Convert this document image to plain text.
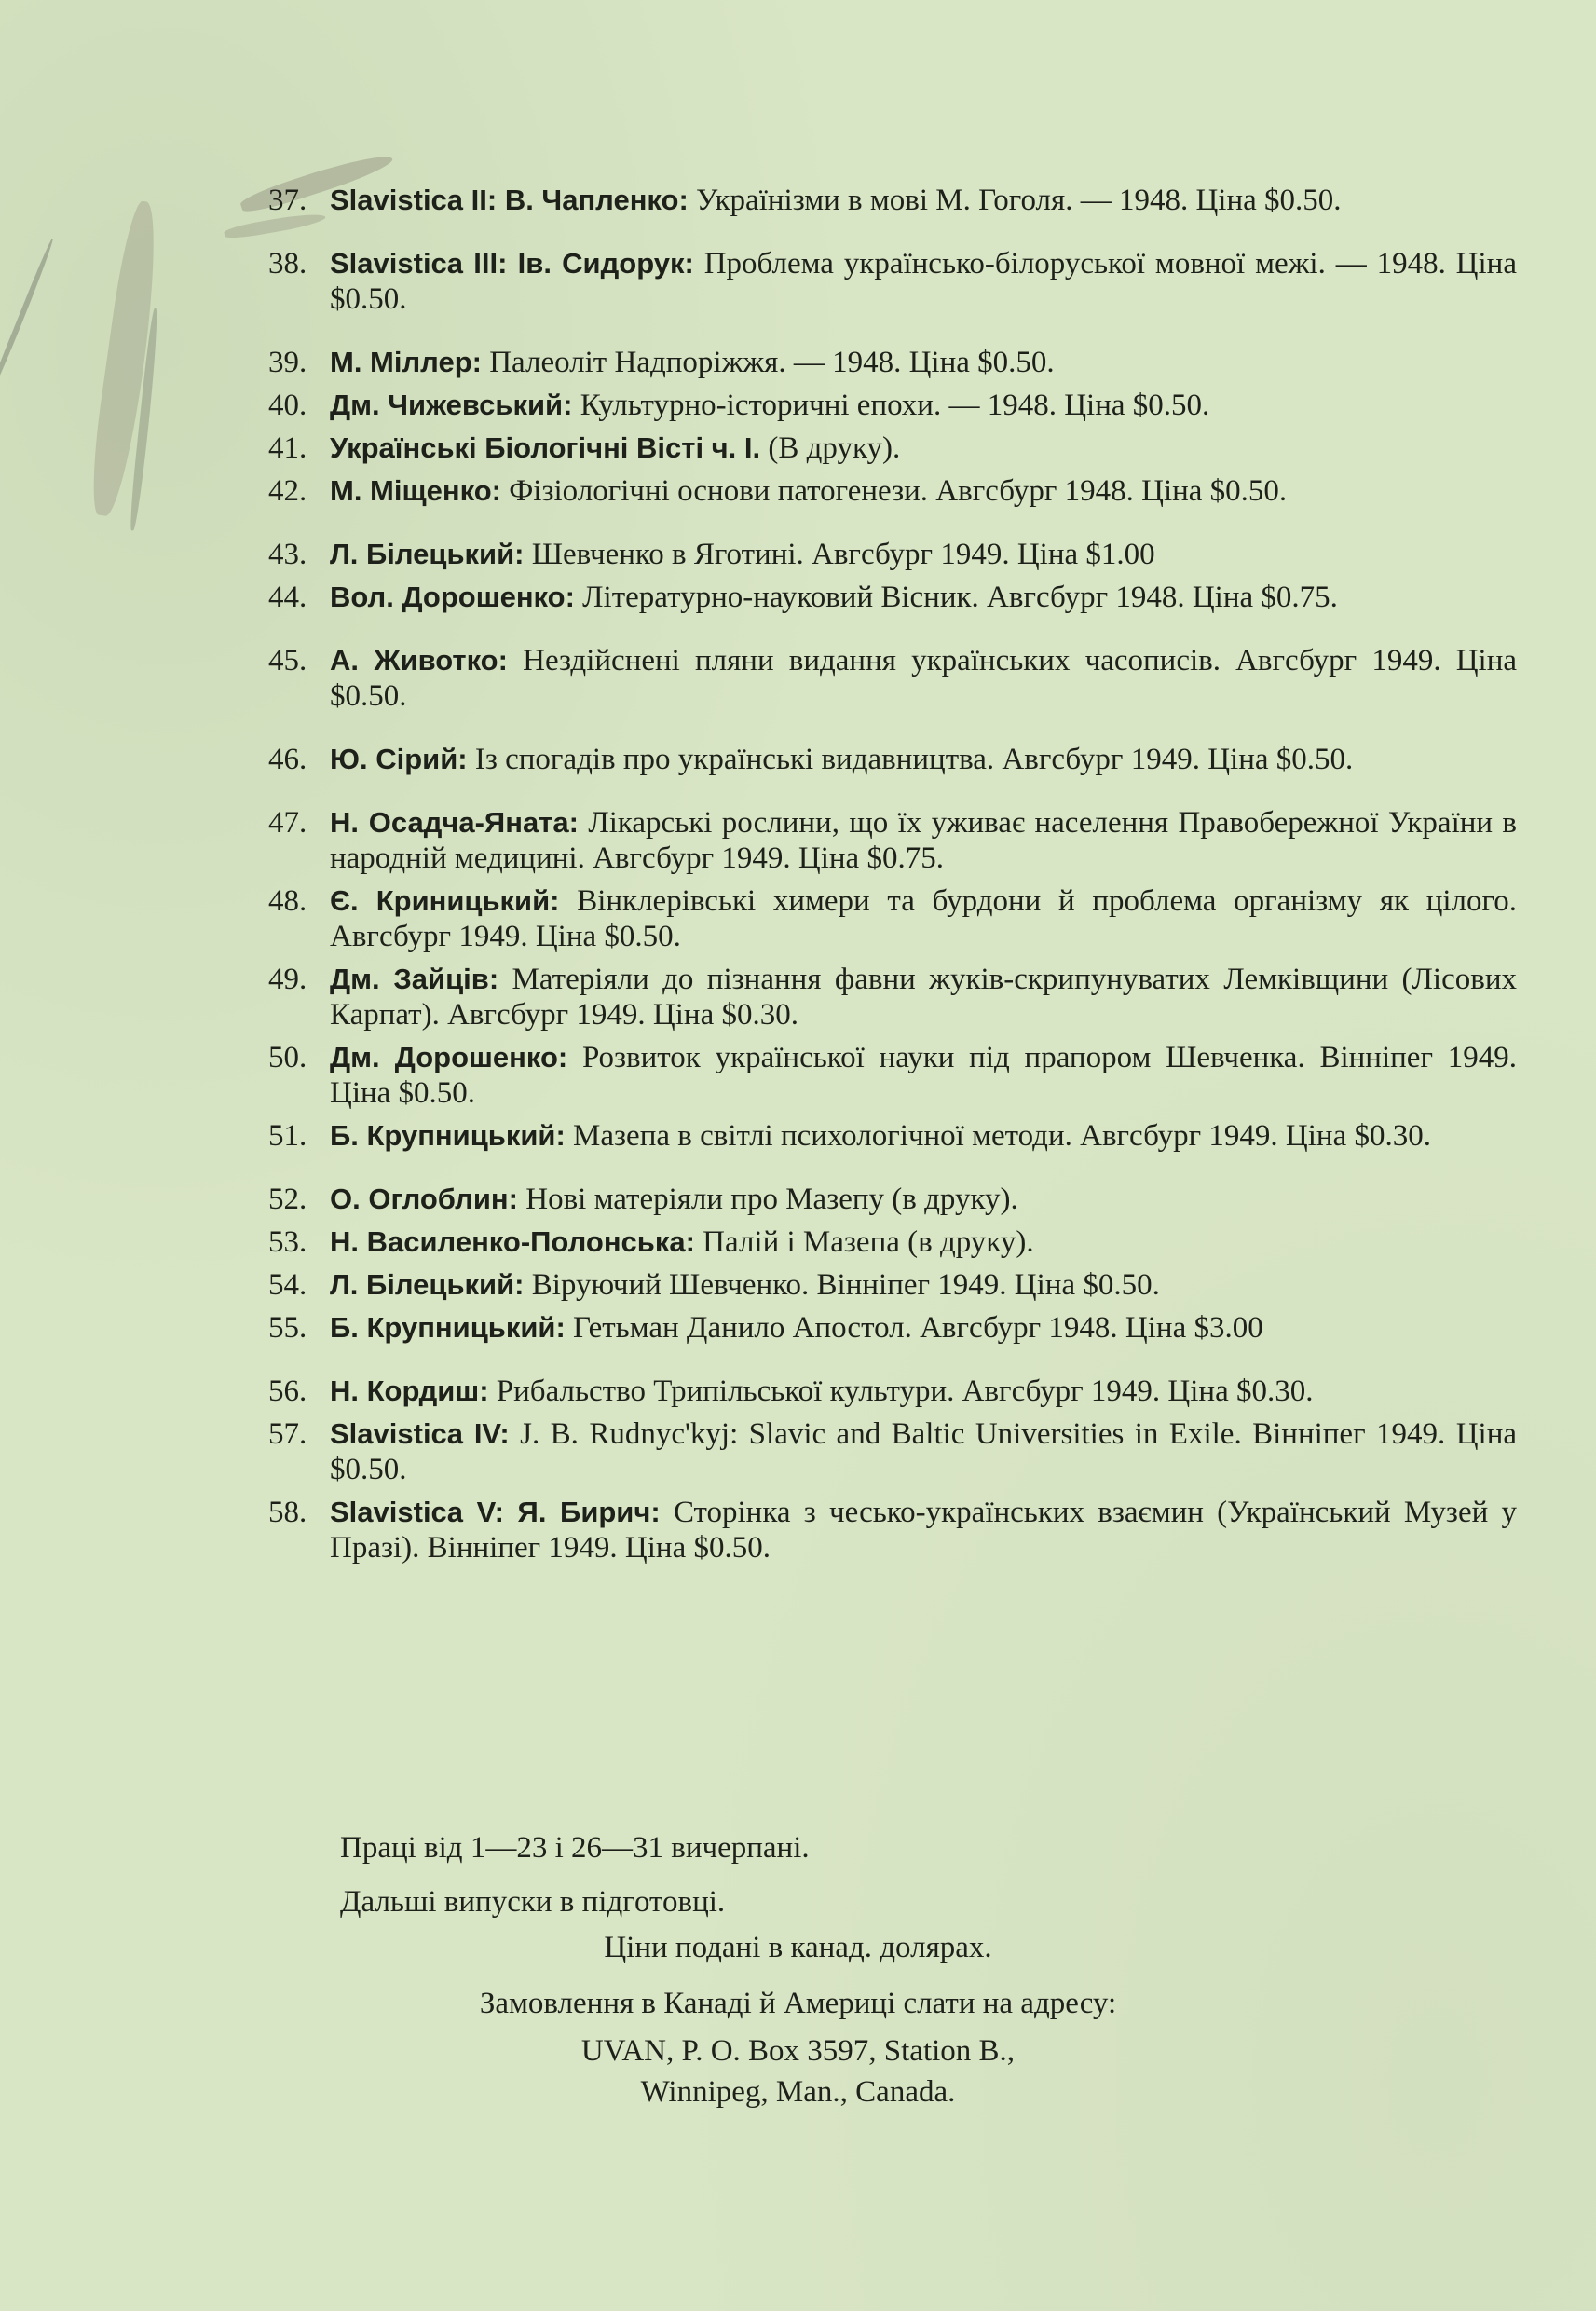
37. Slavistica II: В. Чапленко: Українізми в мові М. Гоголя. — 1948. Ціна $0.50.
38. Slavistica III: Ів. Сидорук: Проблема українсько-білоруської мовної межі. — 1948. Ціна $0.50.
39. М. Міллер: Палеоліт Надпоріжжя. — 1948. Ціна $0.50.
40. Дм. Чижевський: Культурно-історичні епохи. — 1948. Ціна $0.50.
41. Українські Біологічні Вісті ч. І. (В друку).
42. М. Міщенко: Фізіологічні основи патогенези. Авгсбург 1948. Ціна $0.50.
43. Л. Білецький: Шевченко в Яготині. Авгсбург 1949. Ціна $1.00
44. Вол. Дорошенко: Літературно-науковий Вісник. Авгсбург 1948. Ціна $0.75.
45. А. Животко: Нездійснені пляни видання українських часописів. Авгсбург 1949. Ціна $0.50.
46. Ю. Сірий: Із спогадів про українські видавництва. Авгсбург 1949. Ціна $0.50.
47. Н. Осадча-Яната: Лікарські рослини, що їх уживає населення Правобережної України в народній медицині. Авгсбург 1949. Ціна $0.75.
48. Є. Криницький: Вінклерівські химери та бурдони й проблема організму як цілого. Авгсбург 1949. Ціна $0.50.
49. Дм. Зайців: Матеріяли до пізнання фавни жуків-скрипунуватих Лемківщини (Лісових Карпат). Авгсбург 1949. Ціна $0.30.
50. Дм. Дорошенко: Розвиток української науки під прапором Шевченка. Вінніпег 1949. Ціна $0.50.
51. Б. Крупницький: Мазепа в світлі психологічної методи. Авгсбург 1949. Ціна $0.30.
52. О. Оглоблин: Нові матеріяли про Мазепу (в друку).
53. Н. Василенко-Полонська: Палій і Мазепа (в друку).
54. Л. Білецький: Віруючий Шевченко. Вінніпег 1949. Ціна $0.50.
55. Б. Крупницький: Гетьман Данило Апостол. Авгсбург 1948. Ціна $3.00
56. Н. Кордиш: Рибальство Трипільської культури. Авгсбург 1949. Ціна $0.30.
57. Slavistica IV: J. B. Rudnyc'kyj: Slavic and Baltic Universities in Exile. Вінніпег 1949. Ціна $0.50.
58. Slavistica V: Я. Бирич: Сторінка з чесько-українських взаємин (Український Музей у Празі). Вінніпег 1949. Ціна $0.50.
Праці від 1—23 і 26—31 вичерпані.
Дальші випуски в підготовці.
Ціни подані в канад. долярах.
Замовлення в Канаді й Америці слати на адресу:
UVAN, P. O. Box 3597, Station B.,
Winnipeg, Man., Canada.
